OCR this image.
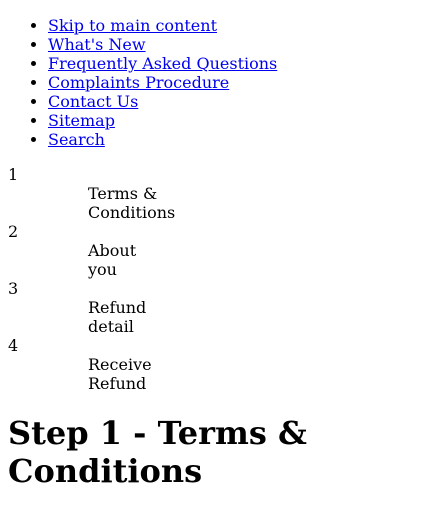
• Skip to main content
• What's New
• Frequently Asked Questions
• Complaints Procedure
• Contact Us
• Sitemap
• Search
1
Terms &
Conditions
2
About
you
3
Refund
detail
4
Receive
Refund
Step 1 - Terms & Conditions
